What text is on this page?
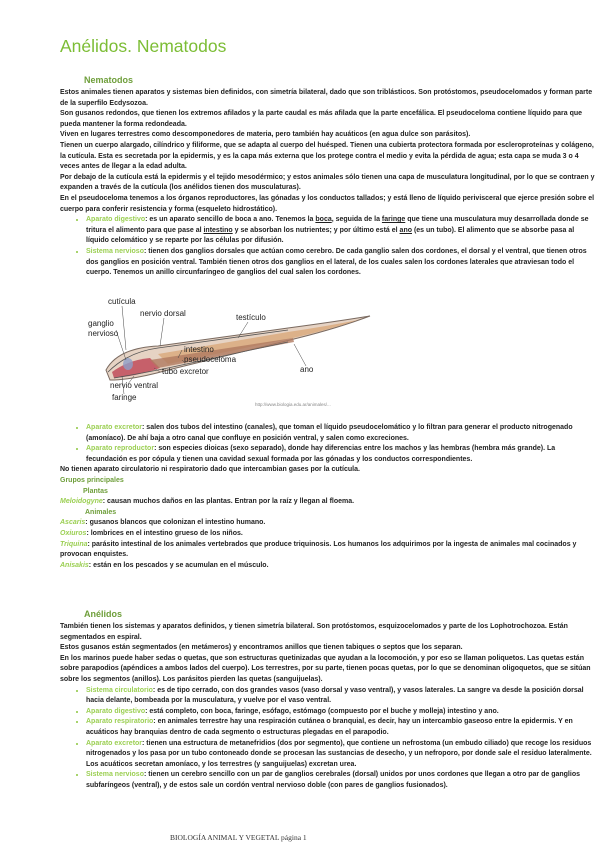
Anélidos. Nematodos
Nematodos

Estos animales tienen aparatos y sistemas bien definidos, con simetría bilateral, dado que son triblásticos. Son protóstomos, pseudocelomados y forman parte de la superfilo Ecdysozoa.

Son gusanos redondos, que tienen los extremos afilados y la parte caudal es más afilada que la parte encefálica. El pseudoceloma contiene líquido para que pueda mantener la forma redondeada.

Viven en lugares terrestres como descomponedores de materia, pero también hay acuáticos (en agua dulce son parásitos).

Tienen un cuerpo alargado, cilíndrico y filiforme, que se adapta al cuerpo del huésped. Tienen una cubierta protectora formada por escleroproteínas y colágeno, la cutícula. Esta es secretada por la epidermis, y es la capa más externa que los protege contra el medio y evita la pérdida de agua; esta capa se muda 3 o 4 veces antes de llegar a la edad adulta.

Por debajo de la cutícula está la epidermis y el tejido mesodérmico; y estos animales sólo tienen una capa de musculatura longitudinal, por lo que se contraen y expanden a través de la cutícula (los anélidos tienen dos musculaturas).

En el pseudoceloma tenemos a los órganos reproductores, las gónadas y los conductos tallados; y está lleno de líquido perivisceral que ejerce presión sobre el cuerpo para conferir resistencia y forma (esqueleto hidrostático).

• Aparato digestivo: es un aparato sencillo de boca a ano. Tenemos la boca, seguida de la faringe que tiene una musculatura muy desarrollada donde se tritura el alimento para que pase al intestino y se absorban los nutrientes; y por último está el ano (es un tubo). El alimento que se absorbe pasa al líquido celomático y se reparte por las células por difusión.
• Sistema nervioso: tienen dos ganglios dorsales que actúan como cerebro. De cada ganglio salen dos cordones, el dorsal y el ventral, que tienen otros dos ganglios en posición ventral. También tienen otros dos ganglios en el lateral, de los cuales salen los cordones laterales que atraviesan todo el cuerpo. Tenemos un anillo circunfaríngeo de ganglios del cual salen los cordones.
cutícula
nervio dorsal	testículo
ganglio
nervioso
intestino
pseudoceloma
tubo excretor
nervio ventral
ano
faringe
http://www.biologia.edu.ar/animales/...
• Aparato excretor: salen dos tubos del intestino (canales), que toman el líquido pseudocelomático y lo filtran para generar el producto nitrogenado (amoníaco). De ahí baja a otro canal que confluye en posición ventral, y salen como excreciones.
• Aparato reproductor: son especies dioicas (sexo separado), donde hay diferencias entre los machos y las hembras (hembra más grande). La fecundación es por cópula y tienen una cavidad sexual formada por las gónadas y los conductos correspondientes.

No tienen aparato circulatorio ni respiratorio dado que intercambian gases por la cutícula.

Grupos principales

Plantas

Meloidogyne: causan muchos daños en las plantas. Entran por la raíz y llegan al floema.

Animales

Ascaris: gusanos blancos que colonizan el intestino humano.

Oxiuros: lombrices en el intestino grueso de los niños.

Triquina: parásito intestinal de los animales vertebrados que produce triquinosis. Los humanos los adquirimos por la ingesta de animales mal cocinados y provocan enquistes.

Anisakis: están en los pescados y se acumulan en el músculo.

Anélidos

También tienen los sistemas y aparatos definidos, y tienen simetría bilateral. Son protóstomos, esquizocelomados y parte de los Lophotrochozoa. Están segmentados en espiral.

Estos gusanos están segmentados (en metámeros) y encontramos anillos que tienen tabiques o septos que los separan.

En los marinos puede haber sedas o quetas, que son estructuras quetinizadas que ayudan a la locomoción, y por eso se llaman poliquetos. Las quetas están sobre parapodios (apéndices a ambos lados del cuerpo). Los terrestres, por su parte, tienen pocas quetas, por lo que se denominan oligoquetos, que se sitúan sobre los segmentos (anillos). Los parásitos pierden las quetas (sanguijuelas).

• Sistema circulatorio: es de tipo cerrado, con dos grandes vasos (vaso dorsal y vaso ventral), y vasos laterales. La sangre va desde la posición dorsal hacia delante, bombeada por la musculatura, y vuelve por el vaso ventral.
• Aparato digestivo: está completo, con boca, faringe, esófago, estómago (compuesto por el buche y molleja) intestino y ano.
• Aparato respiratorio: en animales terrestre hay una respiración cutánea o branquial, es decir, hay un intercambio gaseoso entre la epidermis. Y en acuáticos hay branquias dentro de cada segmento o estructuras plegadas en el parapodio.
• Aparato excretor: tienen una estructura de metanefridios (dos por segmento), que contiene un nefrostoma (un embudo ciliado) que recoge los residuos nitrogenados y los pasa por un tubo contoneado donde se procesan las sustancias de desecho, y un nefroporo, por donde sale el residuo lateralmente. Los acuáticos secretan amoníaco, y los terrestres (y sanguijuelas) excretan urea.
• Sistema nervioso: tienen un cerebro sencillo con un par de ganglios cerebrales (dorsal) unidos por unos cordones que llegan a otro par de ganglios subfaríngeos (ventral), y de estos sale un cordón ventral nervioso doble (con pares de ganglios fusionados).
BIOLOGÍA ANIMAL Y VEGETAL página 1
